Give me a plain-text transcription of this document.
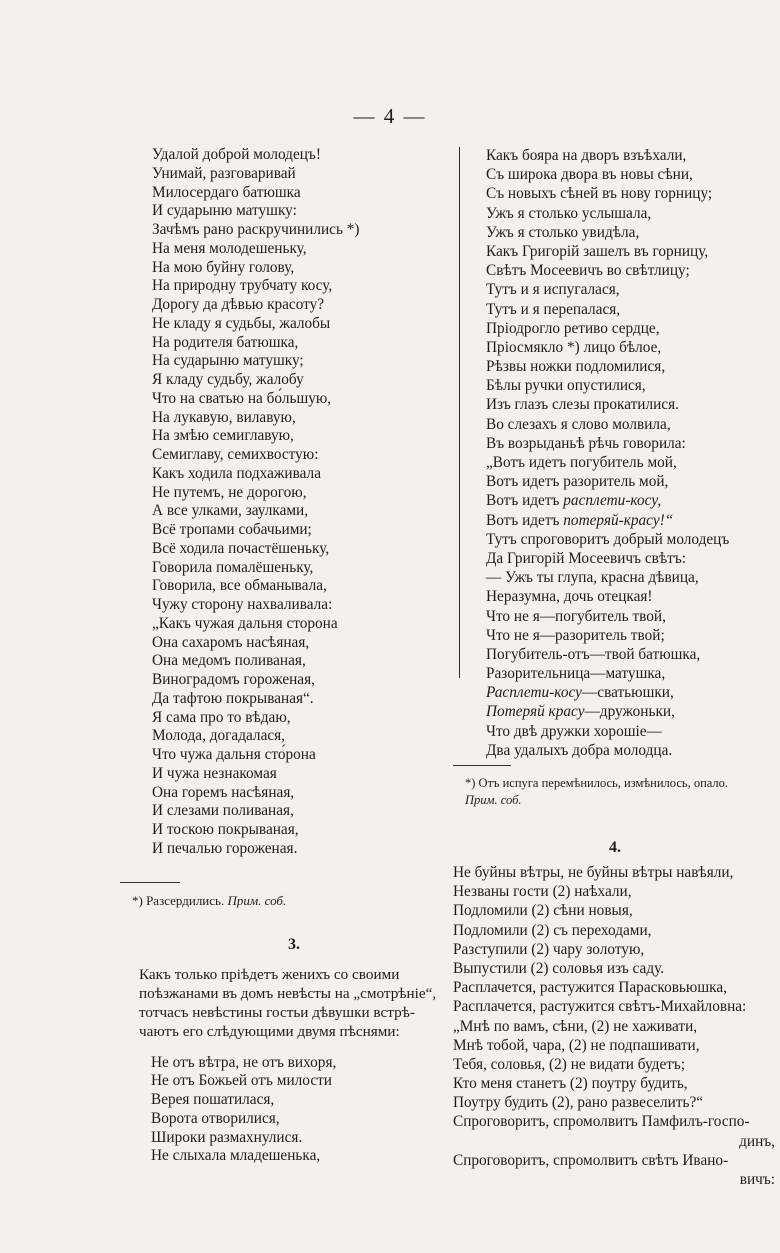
— 4 —
Удалой доброй молодецъ!
Унимай, разговаривай
Милосердаго батюшка
И сударыню матушку:
Зачѣмъ рано раскручинились *)
На меня молодешеньку,
На мою буйну голову,
На природну трубчату косу,
Дорогу да дѣвью красоту?
Не кладу я судьбы, жалобы
На родителя батюшка,
На сударыню матушку;
Я кладу судьбу, жалобу
Что на сватью на бо́льшую,
На лукавую, вилавую,
На змѣю семиглавую,
Семиглаву, семихвостую:
Какъ ходила подхаживала
Не путемъ, не дорогою,
А все улками, заулками,
Всё тропами собачьими;
Всё ходила почастёшеньку,
Говорила помалёшеньку,
Говорила, все обманывала,
Чужу сторону нахваливала:
„Какъ чужая дальня сторона
Она сахаромъ насѣяная,
Она медомъ поливаная,
Виноградомъ гороженая,
Да тафтою покрываная“.
Я сама про то вѣдаю,
Молода, догадалася,
Что чужа дальня сто́рона
И чужа незнакомая
Она горемъ насѣяная,
И слезами поливаная,
И тоскою покрываная,
И печалью гороженая.
*) Разсердились. Прим. соб.
3.

Какъ только прiѣдетъ женихъ со своими

поѣзжанами въ домъ невѣсты на „смотрѣнiе“,

тотчасъ невѣстины гостьи дѣвушки встрѣ-

чаютъ его слѣдующими двумя пѣснями:

Не отъ вѣтра, не отъ вихоря,
Не отъ Божьей отъ милости
Верея пошатилася,
Ворота отворилися,
Широки размахнулися.
Не слыхала младешенька,
Какъ бояра на дворъ взъѣхали,
Съ широка двора въ новы сѣни,
Съ новыхъ сѣней въ нову горницу;
Ужъ я столько услышала,
Ужъ я столько увидѣла,
Какъ Григорiй зашелъ въ горницу,
Свѣтъ Мосеевичъ во свѣтлицу;
Тутъ и я испугалася,
Тутъ и я перепалася,
Прiодрогло ретиво сердце,
Прiосмякло *) лицо бѣлое,
Рѣзвы ножки подломилися,
Бѣлы ручки опустилися,
Изъ глазъ слезы прокатилися.
Во слезахъ я слово молвила,
Въ возрыданьѣ рѣчь говорила:
„Вотъ идетъ погубитель мой,
Вотъ идетъ разоритель мой,
Вотъ идетъ расплети-косу,
Вотъ идетъ потеряй-красу!“
Тутъ спроговоритъ добрый молодецъ
Да Григорiй Мосеевичъ свѣтъ:
— Ужъ ты глупа, красна дѣвица,
Неразумна, дочь отецкая!
Что не я—погубитель твой,
Что не я—разоритель твой;
Погубитель-отъ—твой батюшка,
Разорительница—матушка,
Расплети-косу—сватьюшки,
Потеряй красу—дружоньки,
Что двѣ дружки хорошiе—
Два удалыхъ добра молодца.
*) Отъ испуга перемѣнилось, измѣнилось, опало.
Прим. соб.
4.
Не буйны вѣтры, не буйны вѣтры навѣяли,
Незваны гости (2) наѣхали,
Подломили (2) сѣни новыя,
Подломили (2) съ переходами,
Разступили (2) чару золотую,
Выпустили (2) соловья изъ саду.
Расплачется, растужится Парасковьюшка,
Расплачется, растужится свѣтъ-Михайловна:
„Мнѣ по вамъ, сѣни, (2) не хаживати,
Мнѣ тобой, чара, (2) не подпашивати,
Тебя, соловья, (2) не видати будетъ;
Кто меня станетъ (2) поутру будить,
Поутру будить (2), рано развеселить?“
Спроговоритъ, спромолвитъ Памфилъ-госпо-
динъ,
Спроговоритъ, спромолвитъ свѣтъ Ивано-
вичъ:
